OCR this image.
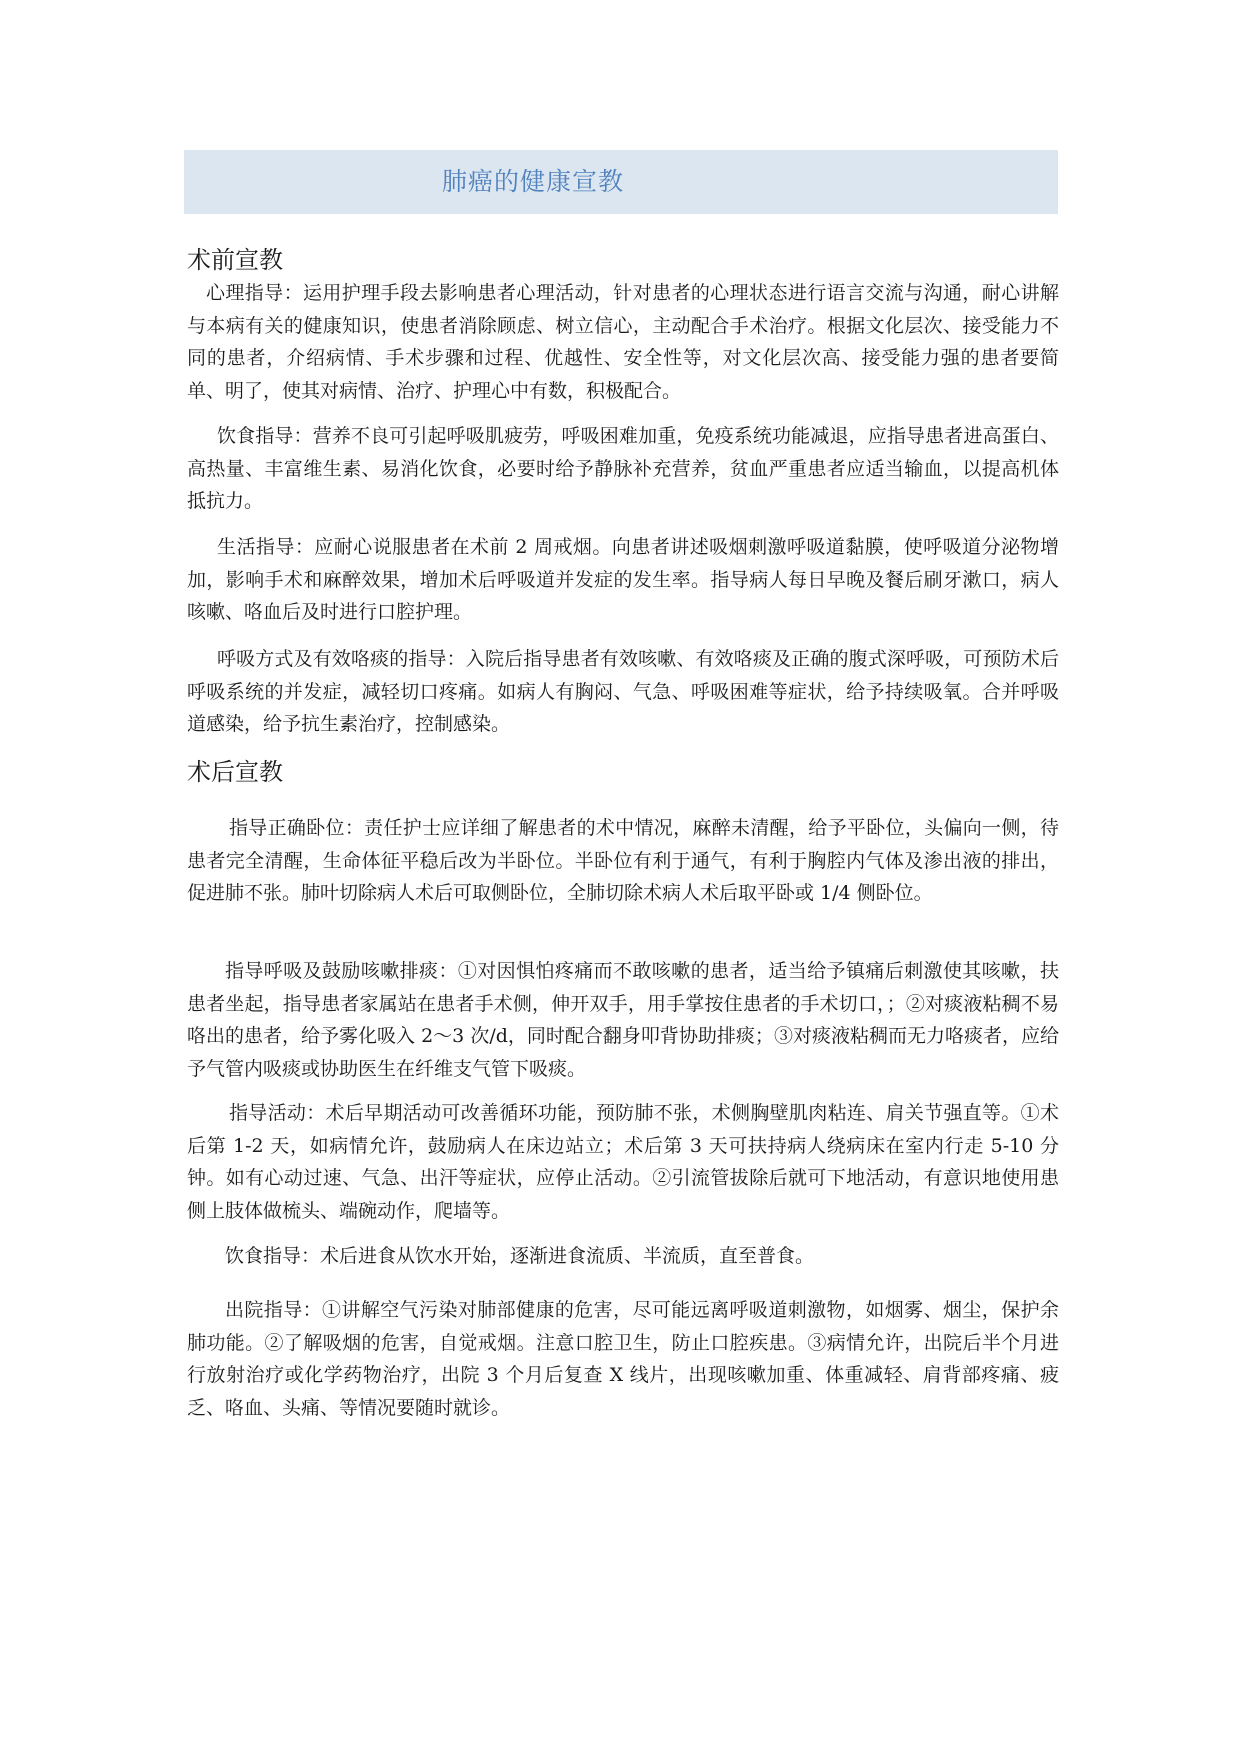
肺癌的健康宣教
术前宣教
心理指导：运用护理手段去影响患者心理活动，针对患者的心理状态进行语言交流与沟通，耐心讲解与本病有关的健康知识，使患者消除顾虑、树立信心，主动配合手术治疗。根据文化层次、接受能力不同的患者，介绍病情、手术步骤和过程、优越性、安全性等，对文化层次高、接受能力强的患者要简单、明了，使其对病情、治疗、护理心中有数，积极配合。
饮食指导：营养不良可引起呼吸肌疲劳，呼吸困难加重，免疫系统功能减退，应指导患者进高蛋白、高热量、丰富维生素、易消化饮食，必要时给予静脉补充营养，贫血严重患者应适当输血，以提高机体抵抗力。
生活指导：应耐心说服患者在术前 2 周戒烟。向患者讲述吸烟刺激呼吸道黏膜，使呼吸道分泌物增加，影响手术和麻醉效果，增加术后呼吸道并发症的发生率。指导病人每日早晚及餐后刷牙漱口，病人咳嗽、咯血后及时进行口腔护理。
呼吸方式及有效咯痰的指导：入院后指导患者有效咳嗽、有效咯痰及正确的腹式深呼吸，可预防术后呼吸系统的并发症，减轻切口疼痛。如病人有胸闷、气急、呼吸困难等症状，给予持续吸氧。合并呼吸道感染，给予抗生素治疗，控制感染。
术后宣教
指导正确卧位：责任护士应详细了解患者的术中情况，麻醉未清醒，给予平卧位，头偏向一侧，待患者完全清醒，生命体征平稳后改为半卧位。半卧位有利于通气，有利于胸腔内气体及渗出液的排出，促进肺不张。肺叶切除病人术后可取侧卧位，全肺切除术病人术后取平卧或 1/4 侧卧位。
指导呼吸及鼓励咳嗽排痰：①对因惧怕疼痛而不敢咳嗽的患者，适当给予镇痛后刺激使其咳嗽，扶患者坐起，指导患者家属站在患者手术侧，伸开双手，用手掌按住患者的手术切口，；②对痰液粘稠不易咯出的患者，给予雾化吸入 2～3 次/d，同时配合翻身叩背协助排痰；③对痰液粘稠而无力咯痰者，应给予气管内吸痰或协助医生在纤维支气管下吸痰。
指导活动：术后早期活动可改善循环功能，预防肺不张，术侧胸壁肌肉粘连、肩关节强直等。①术后第 1-2 天，如病情允许，鼓励病人在床边站立；术后第 3 天可扶持病人绕病床在室内行走 5-10 分钟。如有心动过速、气急、出汗等症状，应停止活动。②引流管拔除后就可下地活动，有意识地使用患侧上肢体做梳头、端碗动作，爬墙等。
饮食指导：术后进食从饮水开始，逐渐进食流质、半流质，直至普食。
出院指导：①讲解空气污染对肺部健康的危害，尽可能远离呼吸道刺激物，如烟雾、烟尘，保护余肺功能。②了解吸烟的危害，自觉戒烟。注意口腔卫生，防止口腔疾患。③病情允许，出院后半个月进行放射治疗或化学药物治疗，出院 3 个月后复查 X 线片，出现咳嗽加重、体重减轻、肩背部疼痛、疲乏、咯血、头痛、等情况要随时就诊。
